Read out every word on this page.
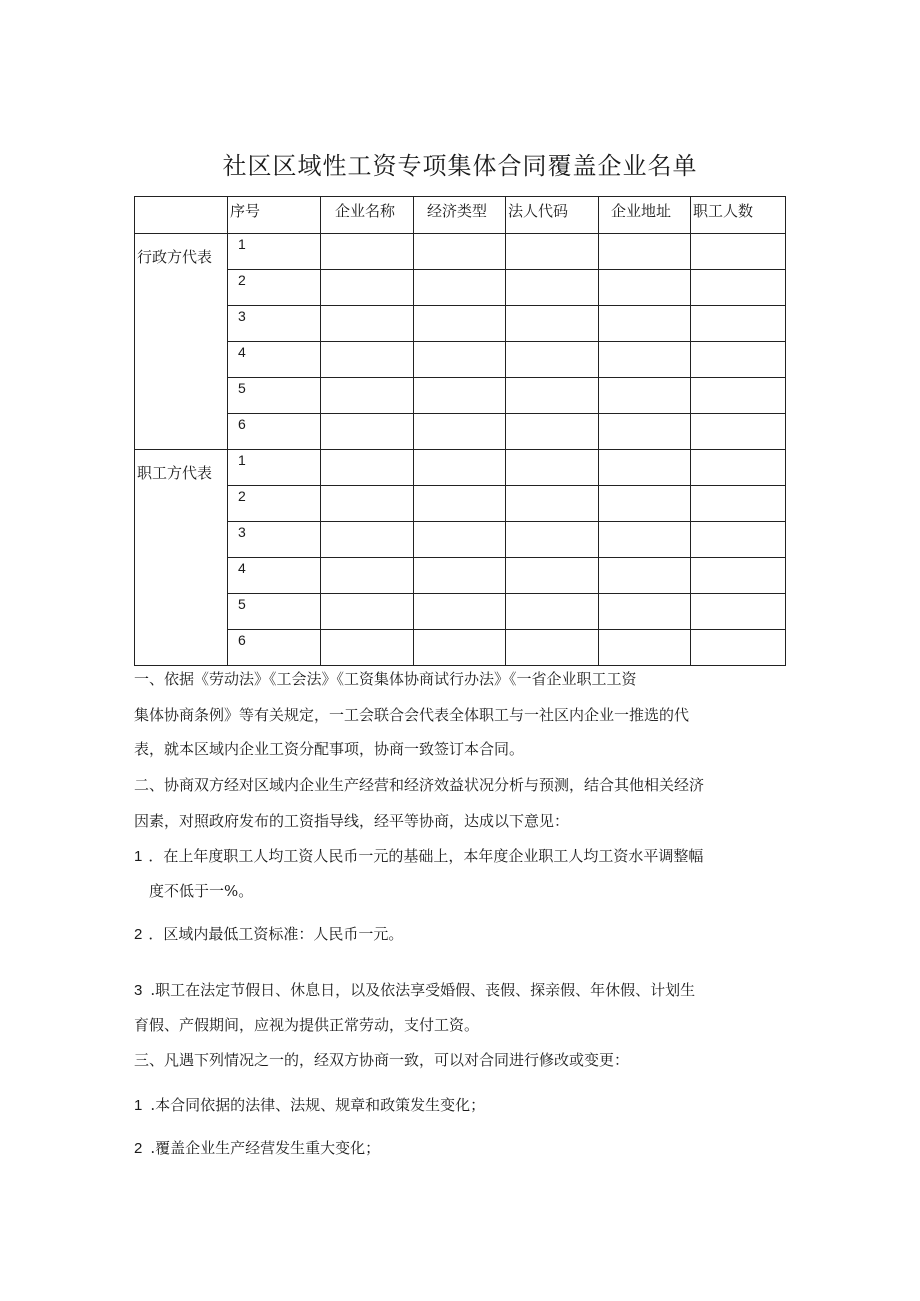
社区区域性工资专项集体合同覆盖企业名单

	序号	企业名称	经济类型	法人代码	企业地址	职工人数

行政方代表	1					

	2					

	3					

	4					

	5					

	6					

职工方代表	1					

	2					

	3					

	4					

	5					

	6					

一、依据《劳动法》《工会法》《工资集体协商试行办法》《一省企业职工工资

集体协商条例》等有关规定，一工会联合会代表全体职工与一社区内企业一推选的代

表，就本区域内企业工资分配事项，协商一致签订本合同。

二、协商双方经对区域内企业生产经营和经济效益状况分析与预测，结合其他相关经济

因素，对照政府发布的工资指导线，经平等协商，达成以下意见：

1 ．在上年度职工人均工资人民币一元的基础上，本年度企业职工人均工资水平调整幅

度不低于一%。

2 ．区域内最低工资标准：人民币一元。

3 .职工在法定节假日、休息日，以及依法享受婚假、丧假、探亲假、年休假、计划生

育假、产假期间，应视为提供正常劳动，支付工资。

三、凡遇下列情况之一的，经双方协商一致，可以对合同进行修改或变更：

1 .本合同依据的法律、法规、规章和政策发生变化；

2 .覆盖企业生产经营发生重大变化；
